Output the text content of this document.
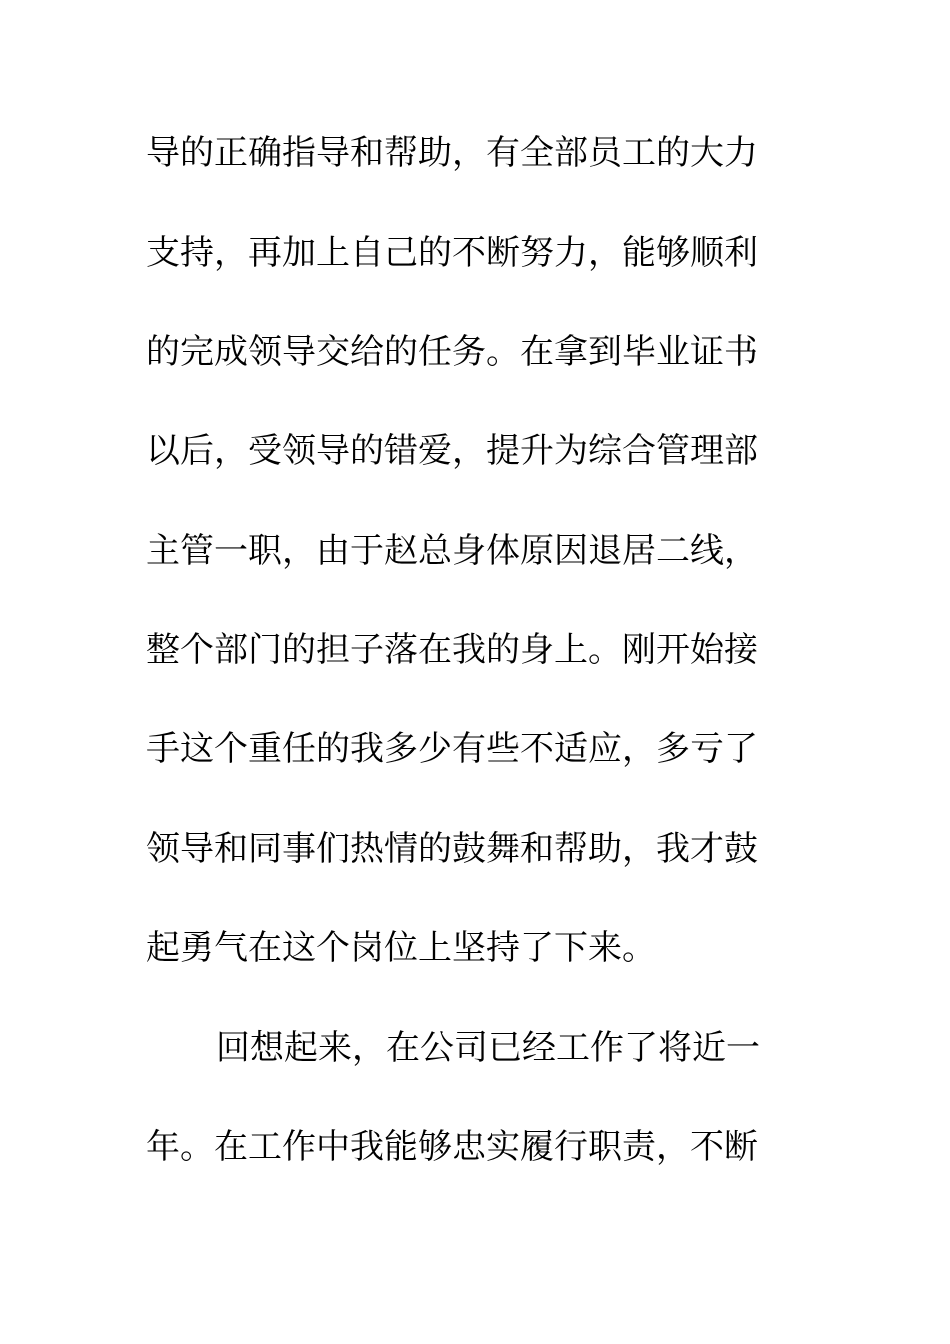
导的正确指导和帮助，有全部员工的大力

支持，再加上自己的不断努力，能够顺利

的完成领导交给的任务。在拿到毕业证书

以后，受领导的错爱，提升为综合管理部

主管一职，由于赵总身体原因退居二线，

整个部门的担子落在我的身上。刚开始接

手这个重任的我多少有些不适应，多亏了

领导和同事们热情的鼓舞和帮助，我才鼓

起勇气在这个岗位上坚持了下来。

回想起来，在公司已经工作了将近一

年。在工作中我能够忠实履行职责，不断
